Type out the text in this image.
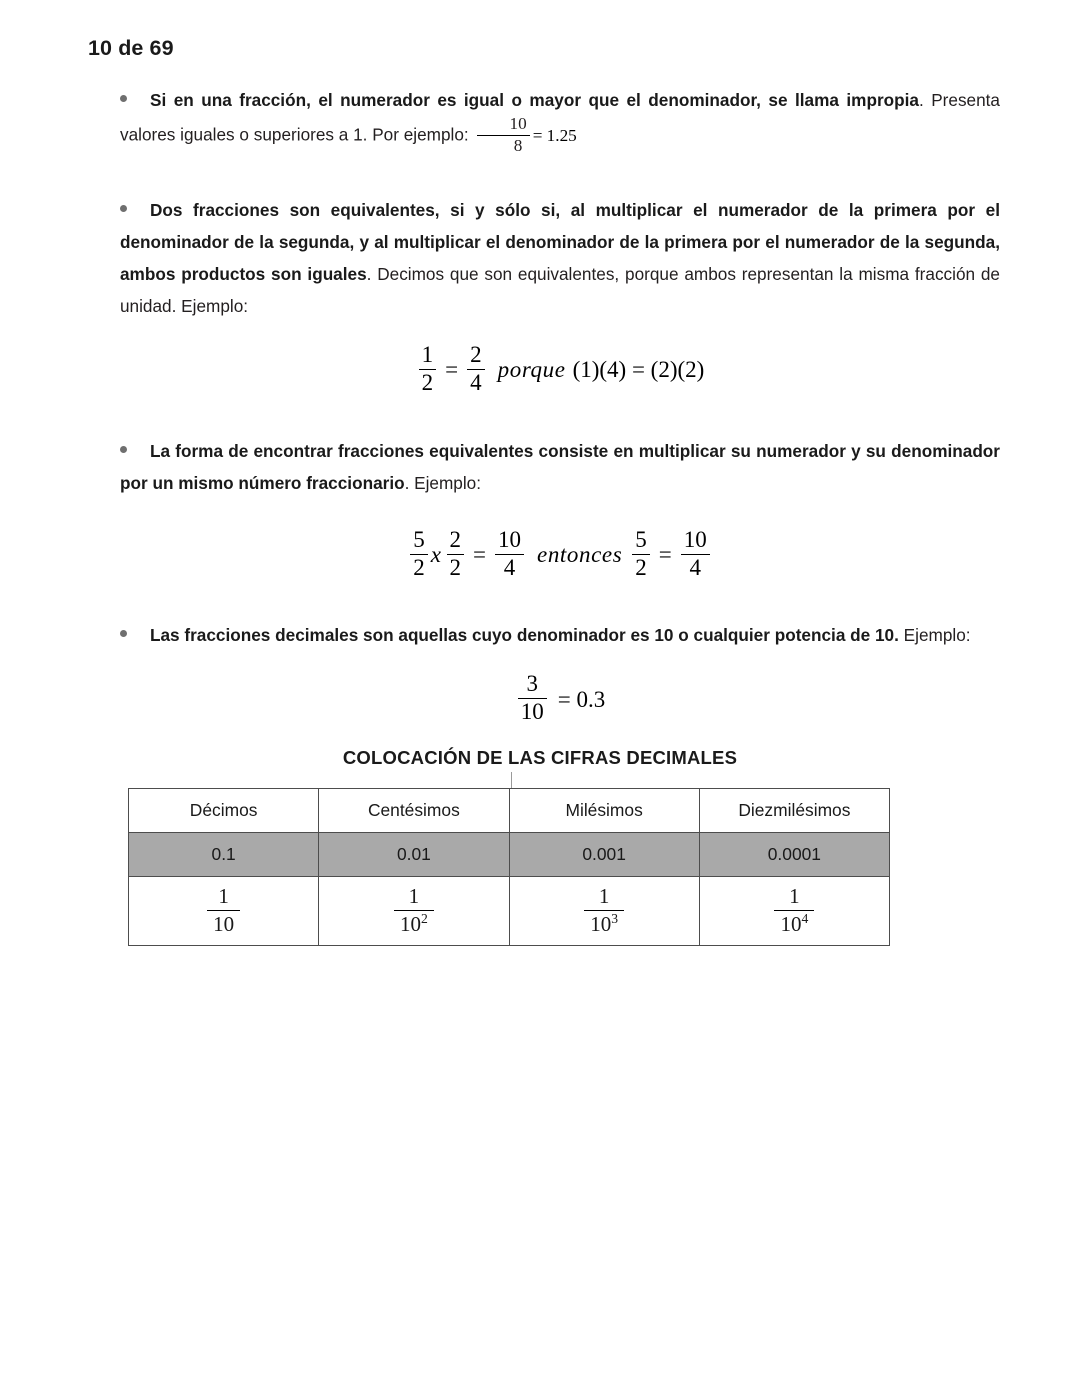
10 de 69

Si en una fracción, el numerador es igual o mayor que el denominador, se llama impropia. Presenta valores iguales o superiores a 1. Por ejemplo: $\frac{10}{8} = 1.25$

Dos fracciones son equivalentes, si y sólo si, al multiplicar el numerador de la primera por el denominador de la segunda, y al multiplicar el denominador de la primera por el numerador de la segunda, ambos productos son iguales. Decimos que son equivalentes, porque ambos representan la misma fracción de unidad. Ejemplo:

$\frac{1}{2} = \frac{2}{4}$ porque (1)(4) = (2)(2)

La forma de encontrar fracciones equivalentes consiste en multiplicar su numerador y su denominador por un mismo número fraccionario. Ejemplo:

$\frac{5}{2}$ x $\frac{2}{2} = \frac{10}{4}$ entonces $\frac{5}{2} = \frac{10}{4}$

Las fracciones decimales son aquellas cuyo denominador es 10 o cualquier potencia de 10. Ejemplo:

$\frac{3}{10} = 0.3$
COLOCACIÓN DE LAS CIFRAS DECIMALES
Décimos	Centésimos	Milésimos	Diezmilésimos
0.1	0.01	0.001	0.0001

$\frac{1}{10}$	$\frac{1}{10^2}$	$\frac{1}{10^3}$	$\frac{1}{10^4}$
